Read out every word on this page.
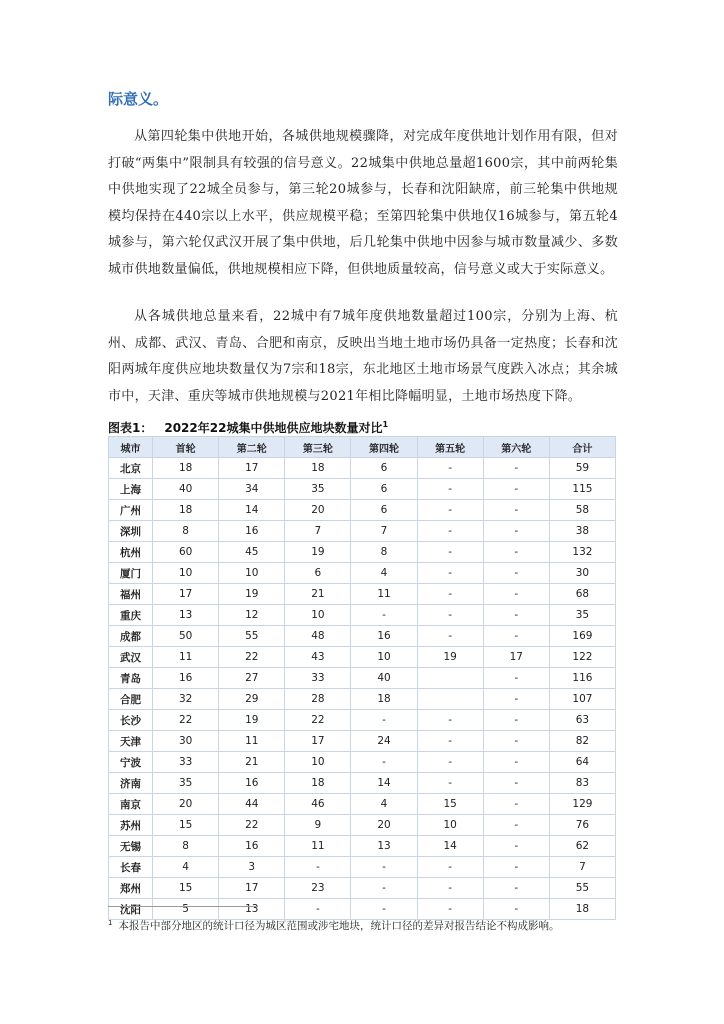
际意义。

从第四轮集中供地开始，各城供地规模骤降，对完成年度供地计划作用有限，但对打破“两集中”限制具有较强的信号意义。22城集中供地总量超1600宗，其中前两轮集中供地实现了22城全员参与，第三轮20城参与，长春和沈阳缺席，前三轮集中供地规模均保持在440宗以上水平，供应规模平稳；至第四轮集中供地仅16城参与，第五轮4城参与，第六轮仅武汉开展了集中供地，后几轮集中供地中因参与城市数量减少、多数城市供地数量偏低，供地规模相应下降，但供地质量较高，信号意义或大于实际意义。

从各城供地总量来看，22城中有7城年度供地数量超过100宗，分别为上海、杭州、成都、武汉、青岛、合肥和南京，反映出当地土地市场仍具备一定热度；长春和沈阳两城年度供应地块数量仅为7宗和18宗，东北地区土地市场景气度跌入冰点；其余城市中，天津、重庆等城市供地规模与2021年相比降幅明显，土地市场热度下降。

图表1： 2022年22城集中供地供应地块数量对比$^1$
城市	首轮	第二轮	第三轮	第四轮	第五轮	第六轮	合计
北京	18	17	18	6	-	-	59
上海	40	34	35	6	-	-	115
广州	18	14	20	6	-	-	58
深圳	8	16	7	7	-	-	38
杭州	60	45	19	8	-	-	132
厦门	10	10	6	4	-	-	30
福州	17	19	21	11	-	-	68
重庆	13	12	10	-	-	-	35
成都	50	55	48	16	-	-	169
武汉	11	22	43	10	19	17	122
青岛	16	27	33	40		-	116
合肥	32	29	28	18		-	107
长沙	22	19	22	-	-	-	63
天津	30	11	17	24	-	-	82
宁波	33	21	10	-	-	-	64
济南	35	16	18	14	-	-	83
南京	20	44	46	4	15	-	129
苏州	15	22	9	20	10	-	76
无锡	8	16	11	13	14	-	62
长春	4	3	-	-	-	-	7
郑州	15	17	23	-	-	-	55
沈阳	5	13	-	-	-	-	18
$^1$ 本报告中部分地区的统计口径为城区范围或涉宅地块，统计口径的差异对报告结论不构成影响。
